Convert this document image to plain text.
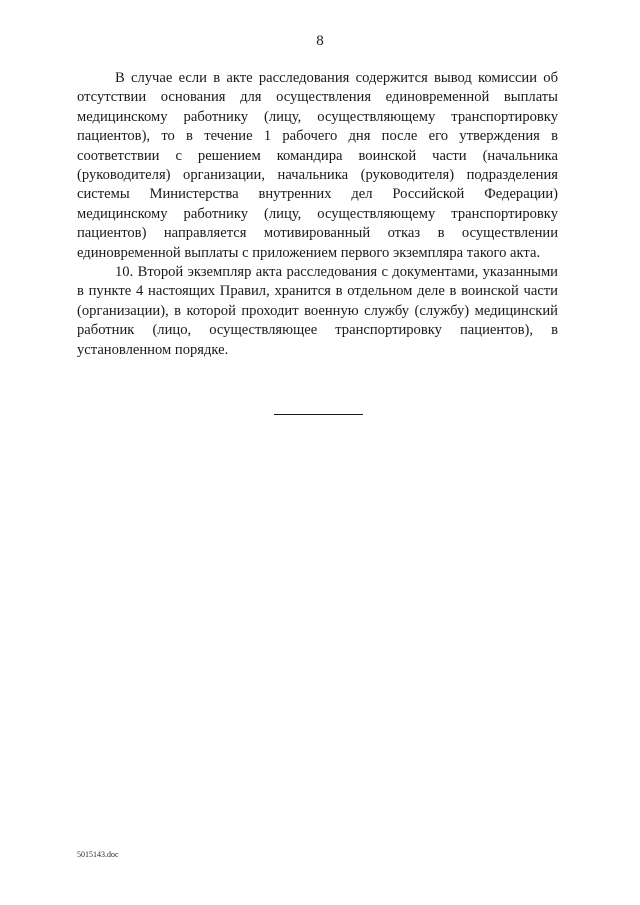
8

В случае если в акте расследования содержится вывод комиссии об отсутствии основания для осуществления единовременной выплаты медицинскому работнику (лицу, осуществляющему транспортировку пациентов), то в течение 1 рабочего дня после его утверждения в соответствии с решением командира воинской части (начальника (руководителя) организации, начальника (руководителя) подразделения системы Министерства внутренних дел Российской Федерации) медицинскому работнику (лицу, осуществляющему транспортировку пациентов) направляется мотивированный отказ в осуществлении единовременной выплаты с приложением первого экземпляра такого акта.

10. Второй экземпляр акта расследования с документами, указанными в пункте 4 настоящих Правил, хранится в отдельном деле в воинской части (организации), в которой проходит военную службу (службу) медицинский работник (лицо, осуществляющее транспортировку пациентов), в установленном порядке.

5015143.doc
